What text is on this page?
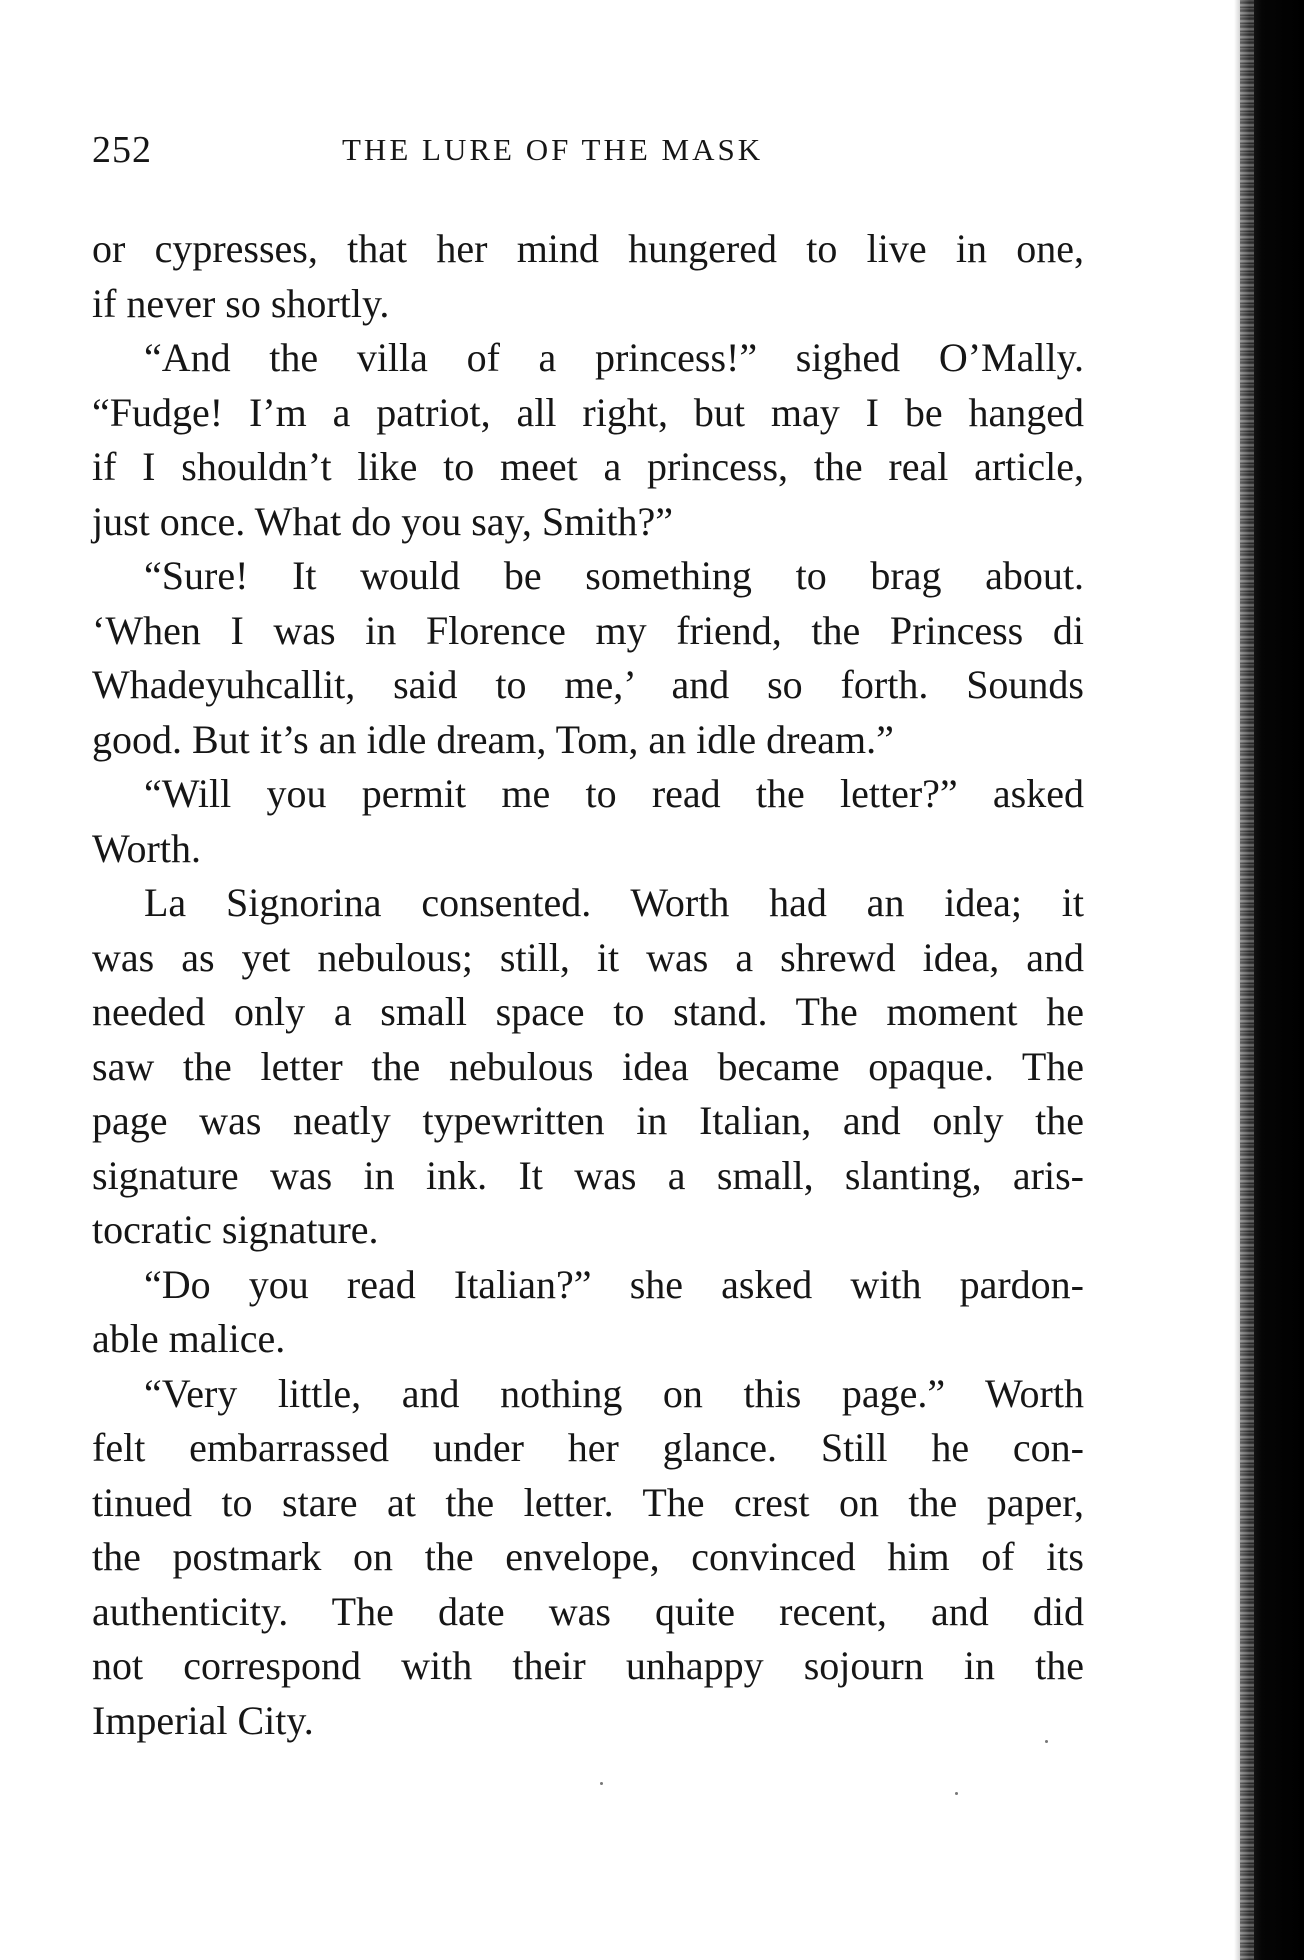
252	THE LURE OF THE MASK
or cypresses, that her mind hungered to live in one,
if never so shortly.
“And the villa of a princess!” sighed O’Mally.
“Fudge! I’m a patriot, all right, but may I be hanged
if I shouldn’t like to meet a princess, the real article,
just once. What do you say, Smith?”
“Sure! It would be something to brag about.
‘When I was in Florence my friend, the Princess di
Whadeyuhcallit, said to me,’ and so forth. Sounds
good. But it’s an idle dream, Tom, an idle dream.”
“Will you permit me to read the letter?” asked
Worth.
La Signorina consented. Worth had an idea; it
was as yet nebulous; still, it was a shrewd idea, and
needed only a small space to stand. The moment he
saw the letter the nebulous idea became opaque. The
page was neatly typewritten in Italian, and only the
signature was in ink. It was a small, slanting, aris-
tocratic signature.
“Do you read Italian?” she asked with pardon-
able malice.
“Very little, and nothing on this page.” Worth
felt embarrassed under her glance. Still he con-
tinued to stare at the letter. The crest on the paper,
the postmark on the envelope, convinced him of its
authenticity. The date was quite recent, and did
not correspond with their unhappy sojourn in the
Imperial City.
